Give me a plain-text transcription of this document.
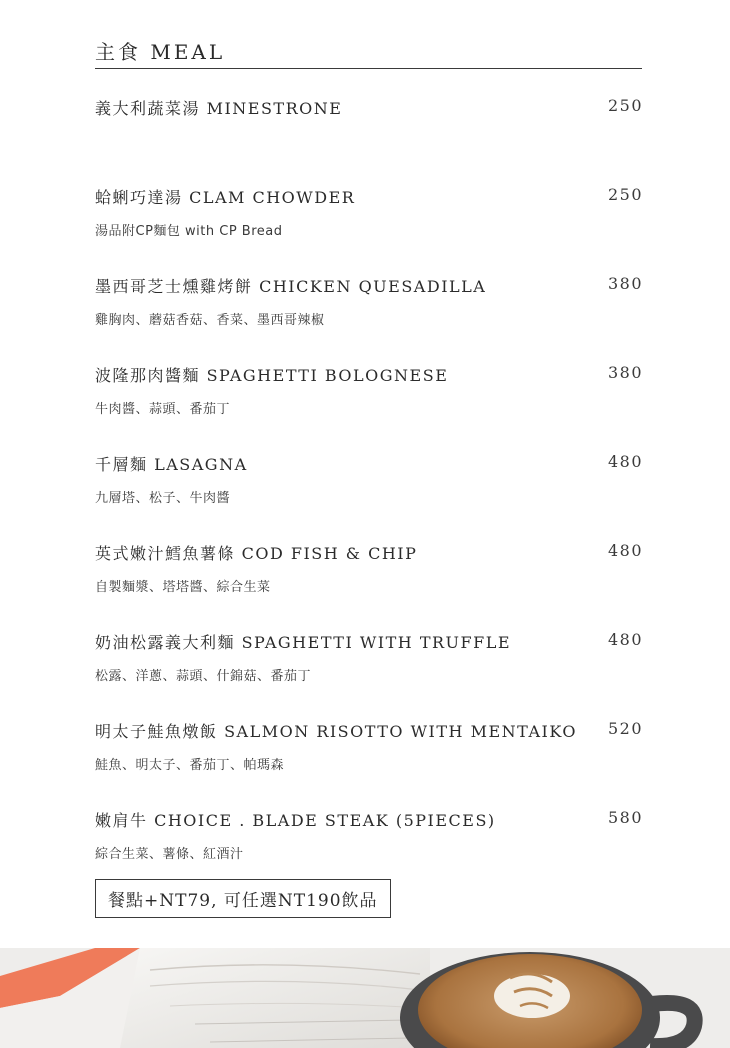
主食 MEAL
義大利蔬菜湯 MINESTRONE	250
蛤蜊巧達湯 CLAM CHOWDER	250
湯品附CP麵包 with CP Bread
墨西哥芝士燻雞烤餅 CHICKEN QUESADILLA	380
雞胸肉、蘑菇香菇、香菜、墨西哥辣椒
波隆那肉醬麵 SPAGHETTI BOLOGNESE	380
牛肉醬、蒜頭、番茄丁
千層麵 LASAGNA	480
九層塔、松子、牛肉醬
英式嫩汁鱈魚薯條 COD FISH & CHIP	480
自製麵漿、塔塔醬、綜合生菜
奶油松露義大利麵 SPAGHETTI WITH TRUFFLE	480
松露、洋蔥、蒜頭、什錦菇、番茄丁
明太子鮭魚燉飯 SALMON RISOTTO WITH MENTAIKO 520
鮭魚、明太子、番茄丁、帕瑪森
嫩肩牛 CHOICE . BLADE STEAK (5PIECES)	580
綜合生菜、薯條、紅酒汁
餐點+NT79, 可任選NT190飲品
